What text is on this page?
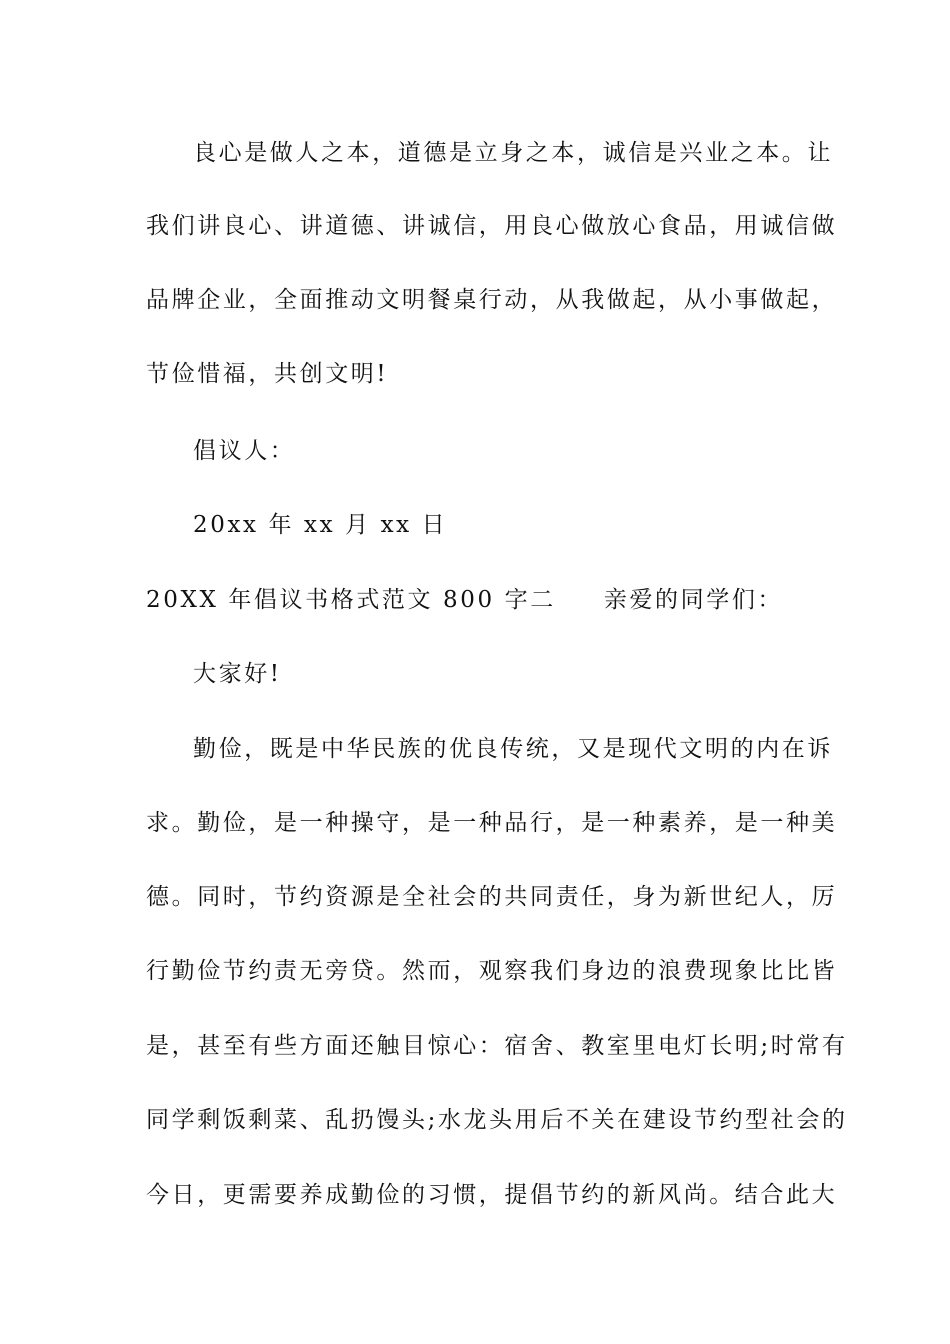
良心是做人之本，道德是立身之本，诚信是兴业之本。让
我们讲良心、讲道德、讲诚信，用良心做放心食品，用诚信做
品牌企业，全面推动文明餐桌行动，从我做起，从小事做起，
节俭惜福，共创文明!
倡议人：
20xx 年 xx 月 xx 日
20XX 年倡议书格式范文 800 字二 亲爱的同学们：
大家好!
勤俭，既是中华民族的优良传统，又是现代文明的内在诉
求。勤俭，是一种操守，是一种品行，是一种素养，是一种美
德。同时，节约资源是全社会的共同责任，身为新世纪人，厉
行勤俭节约责无旁贷。然而，观察我们身边的浪费现象比比皆
是，甚至有些方面还触目惊心：宿舍、教室里电灯长明;时常有
同学剩饭剩菜、乱扔馒头;水龙头用后不关在建设节约型社会的
今日，更需要养成勤俭的习惯，提倡节约的新风尚。结合此大
